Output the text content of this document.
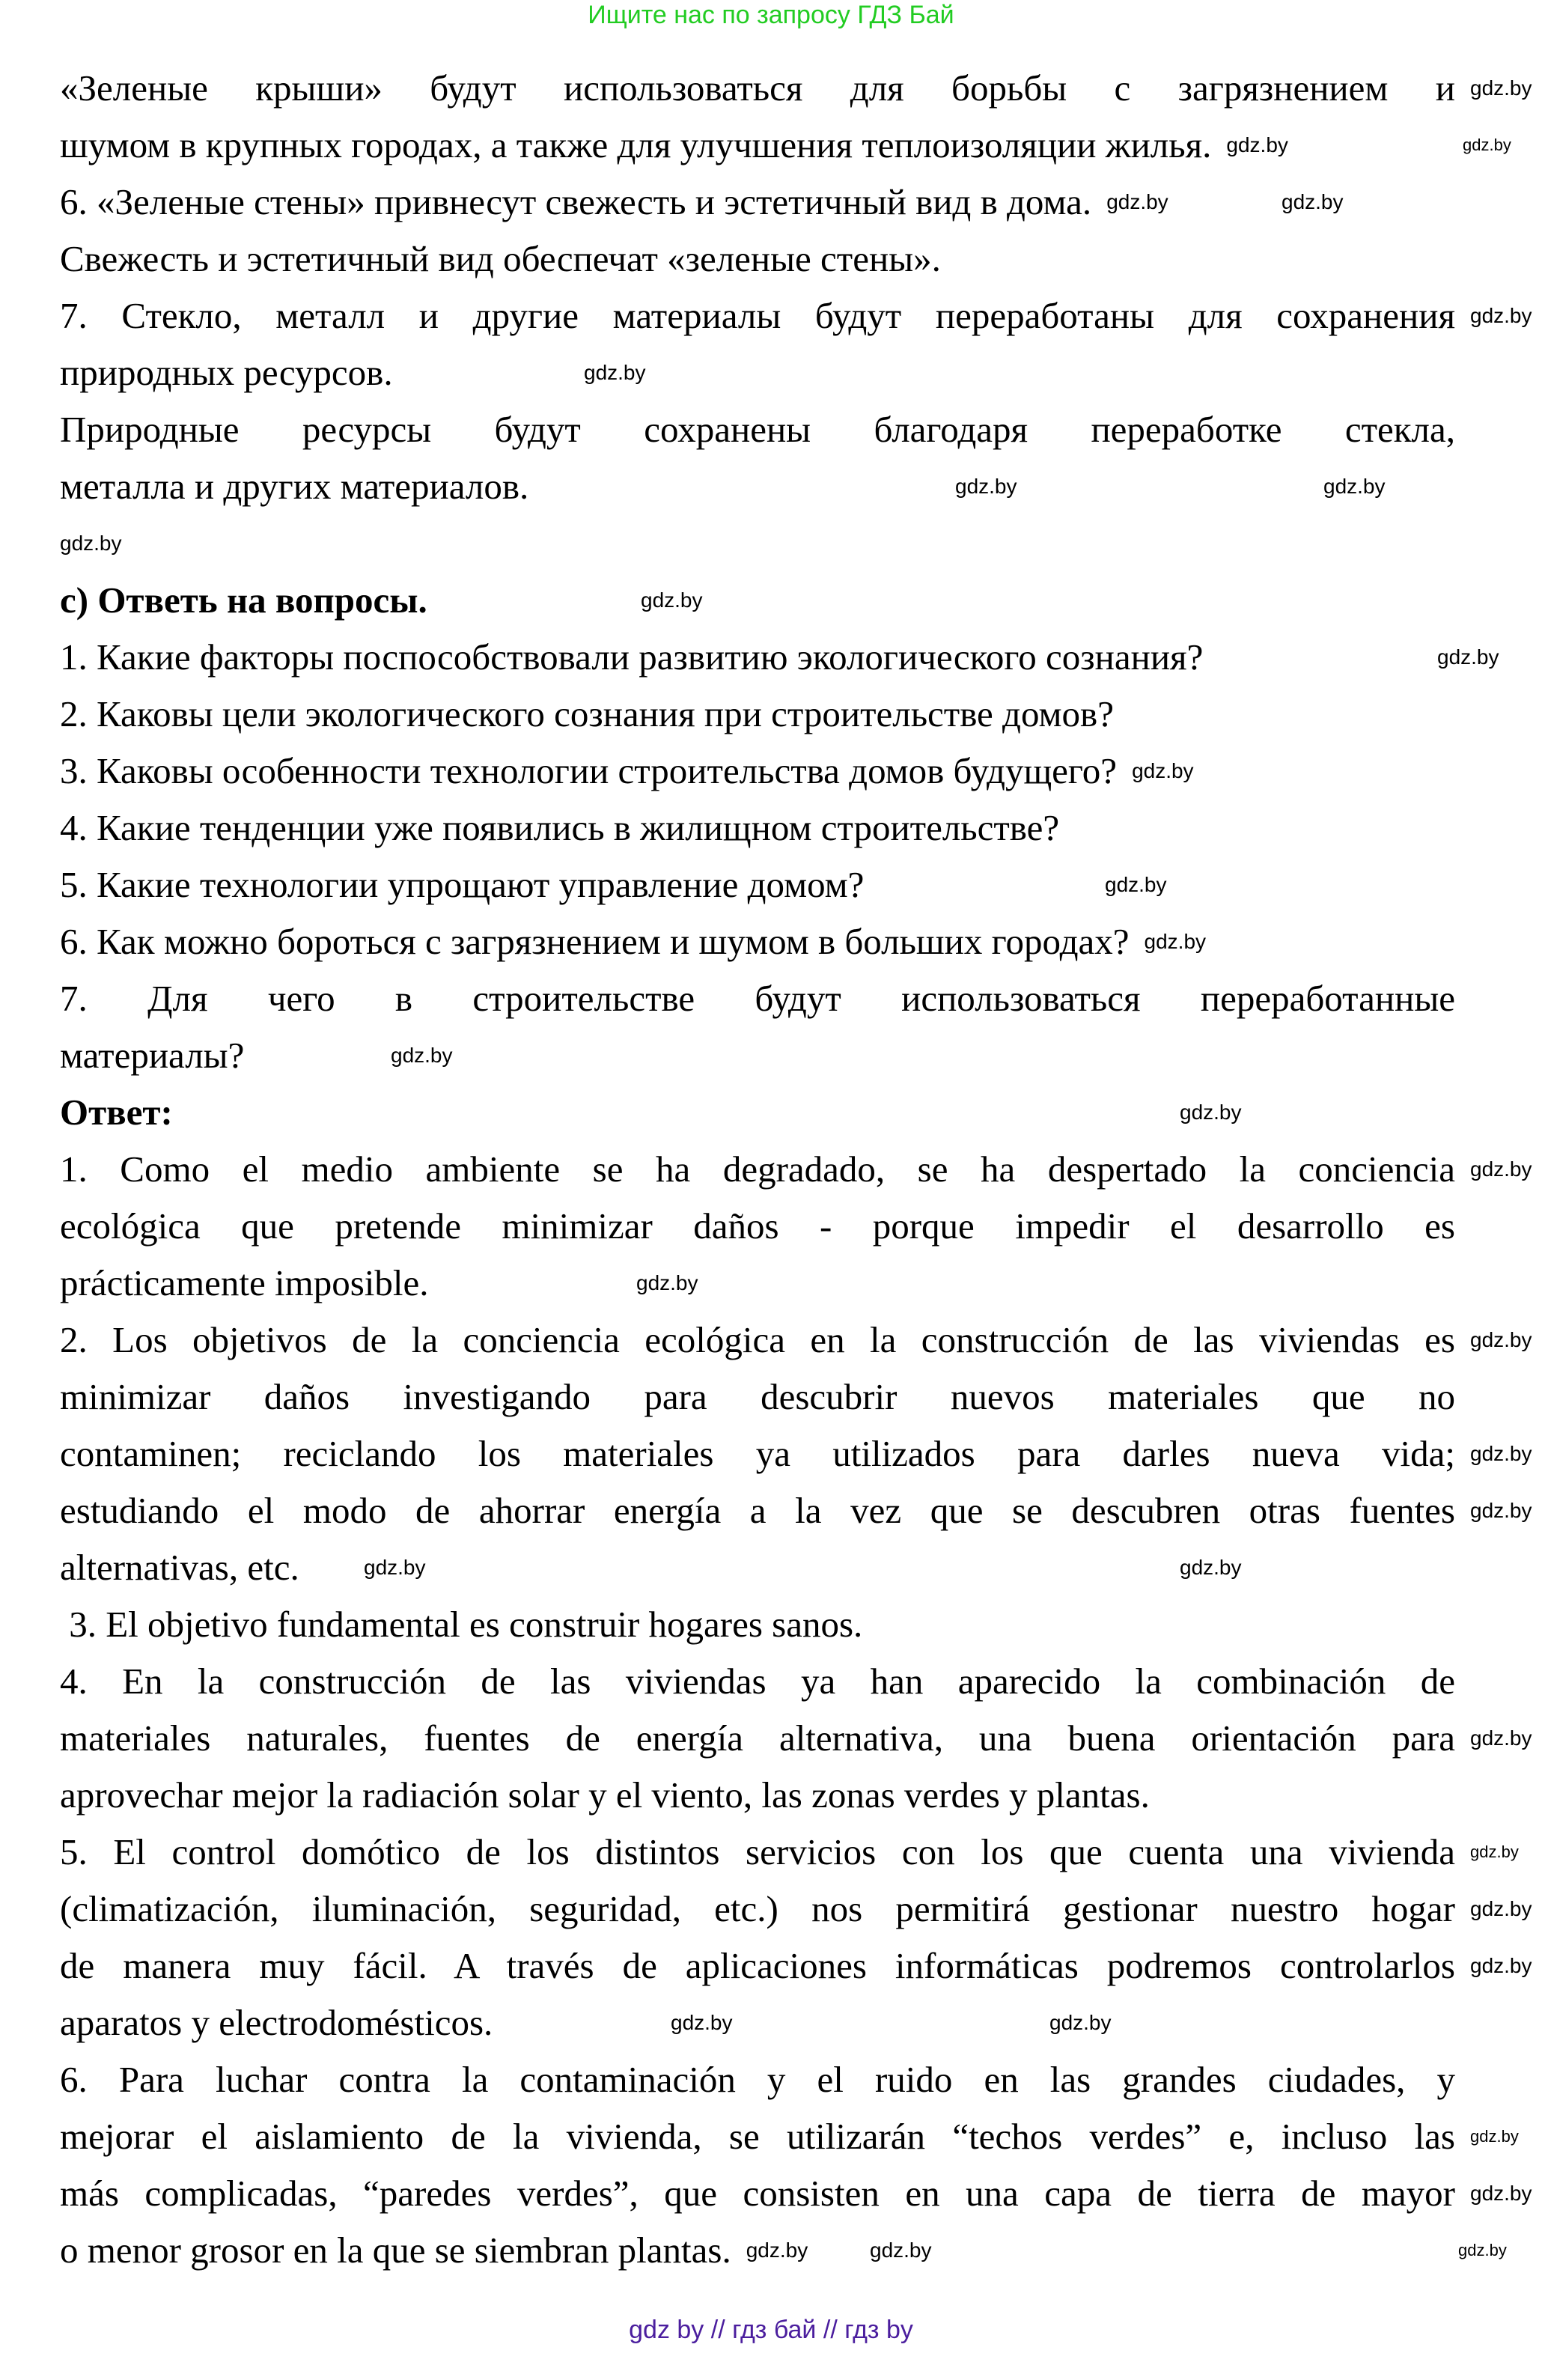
Ищите нас по запросу ГДЗ Бай
«Зеленые крыши» будут использоваться для борьбы с загрязнением и
шумом в крупных городах, а также для улучшения теплоизоляции жилья.
6. «Зеленые стены» привнесут свежесть и эстетичный вид в дома.
Свежесть и эстетичный вид обеспечат «зеленые стены».
7. Стекло, металл и другие материалы будут переработаны для сохранения
природных ресурсов.
Природные ресурсы будут сохранены благодаря переработке стекла,
металла и других материалов.
c) Ответь на вопросы.
1. Какие факторы поспособствовали развитию экологического сознания?
2. Каковы цели экологического сознания при строительстве домов?
3. Каковы особенности технологии строительства домов будущего?
4. Какие тенденции уже появились в жилищном строительстве?
5. Какие технологии упрощают управление домом?
6. Как можно бороться с загрязнением и шумом в больших городах?
7. Для чего в строительстве будут использоваться переработанные
материалы?
Ответ:
1. Como el medio ambiente se ha degradado, se ha despertado la conciencia
ecológica que pretende minimizar daños - porque impedir el desarrollo es
prácticamente imposible.
2. Los objetivos de la conciencia ecológica en la construcción de las viviendas es
minimizar daños investigando para descubrir nuevos materiales que no
contaminen; reciclando los materiales ya utilizados para darles nueva vida;
estudiando el modo de ahorrar energía a la vez que se descubren otras fuentes
alternativas, etc.
3. El objetivo fundamental es construir hogares sanos.
4. En la construcción de las viviendas ya han aparecido la combinación de
materiales naturales, fuentes de energía alternativa, una buena orientación para
aprovechar mejor la radiación solar y el viento, las zonas verdes y plantas.
5. El control domótico de los distintos servicios con los que cuenta una vivienda
(climatización, iluminación, seguridad, etc.) nos permitirá gestionar nuestro hogar
de manera muy fácil. A través de aplicaciones informáticas podremos controlarlos
aparatos y electrodomésticos.
6. Para luchar contra la contaminación y el ruido en las grandes ciudades, y
mejorar el aislamiento de la vivienda, se utilizarán “techos verdes” e, incluso las
más complicadas, “paredes verdes”, que consisten en una capa de tierra de mayor
o menor grosor en la que se siembran plantas.
gdz.by
gdz.by
gdz.by
gdz.by	gdz.by
gdz.by
gdz.by
gdz.by
gdz.by
gdz.by
gdz.by
gdz.by
gdz.by
gdz.by
gdz.by
gdz.by
gdz.by
gdz.by
gdz.by
gdz.by
gdz.by
gdz.by
gdz.by	gdz.by
gdz.by
gdz.by
gdz.by
gdz.by
gdz.by
gdz.by
gdz.by
gdz.by
gdz.by
gdz.by
gdz.by
gdz by // гдз бай // гдз by
